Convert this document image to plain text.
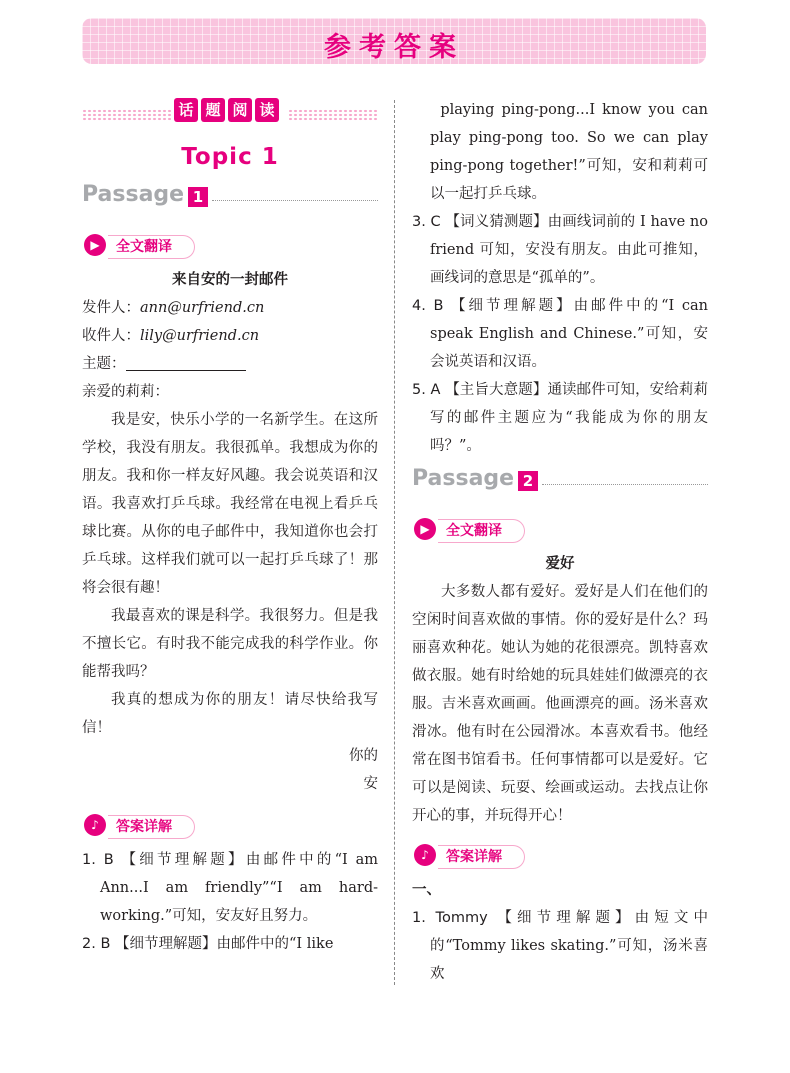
参考答案
话 题 阅 读
Topic 1
Passage 1
▶	全文翻译
来自安的一封邮件
发件人：ann@urfriend.cn
收件人：lily@urfriend.cn
主题：
亲爱的莉莉：
我是安，快乐小学的一名新学生。在这所学校，我没有朋友。我很孤单。我想成为你的朋友。我和你一样友好风趣。我会说英语和汉语。我喜欢打乒乓球。我经常在电视上看乒乓球比赛。从你的电子邮件中，我知道你也会打乒乓球。这样我们就可以一起打乒乓球了！那将会很有趣！
我最喜欢的课是科学。我很努力。但是我不擅长它。有时我不能完成我的科学作业。你能帮我吗？
我真的想成为你的朋友！请尽快给我写信！
你的
安
♪	答案详解
1. B 【细节理解题】由邮件中的“I am Ann...I am friendly”“I am hard-working.”可知，安友好且努力。
2. B 【细节理解题】由邮件中的“I like
playing ping-pong...I know you can play ping-pong too. So we can play ping-pong together!”可知，安和莉莉可以一起打乒乓球。
3. C 【词义猜测题】由画线词前的 I have no friend 可知，安没有朋友。由此可推知，画线词的意思是“孤单的”。
4. B 【细节理解题】由邮件中的“I can speak English and Chinese.”可知，安会说英语和汉语。
5. A 【主旨大意题】通读邮件可知，安给莉莉写的邮件主题应为“我能成为你的朋友吗？”。
Passage 2
▶	全文翻译
爱好
大多数人都有爱好。爱好是人们在他们的空闲时间喜欢做的事情。你的爱好是什么？玛丽喜欢种花。她认为她的花很漂亮。凯特喜欢做衣服。她有时给她的玩具娃娃们做漂亮的衣服。吉米喜欢画画。他画漂亮的画。汤米喜欢滑冰。他有时在公园滑冰。本喜欢看书。他经常在图书馆看书。任何事情都可以是爱好。它可以是阅读、玩耍、绘画或运动。去找点让你开心的事，并玩得开心！
♪	答案详解
一、
1. Tommy 【细节理解题】由短文中的“Tommy likes skating.”可知，汤米喜欢
